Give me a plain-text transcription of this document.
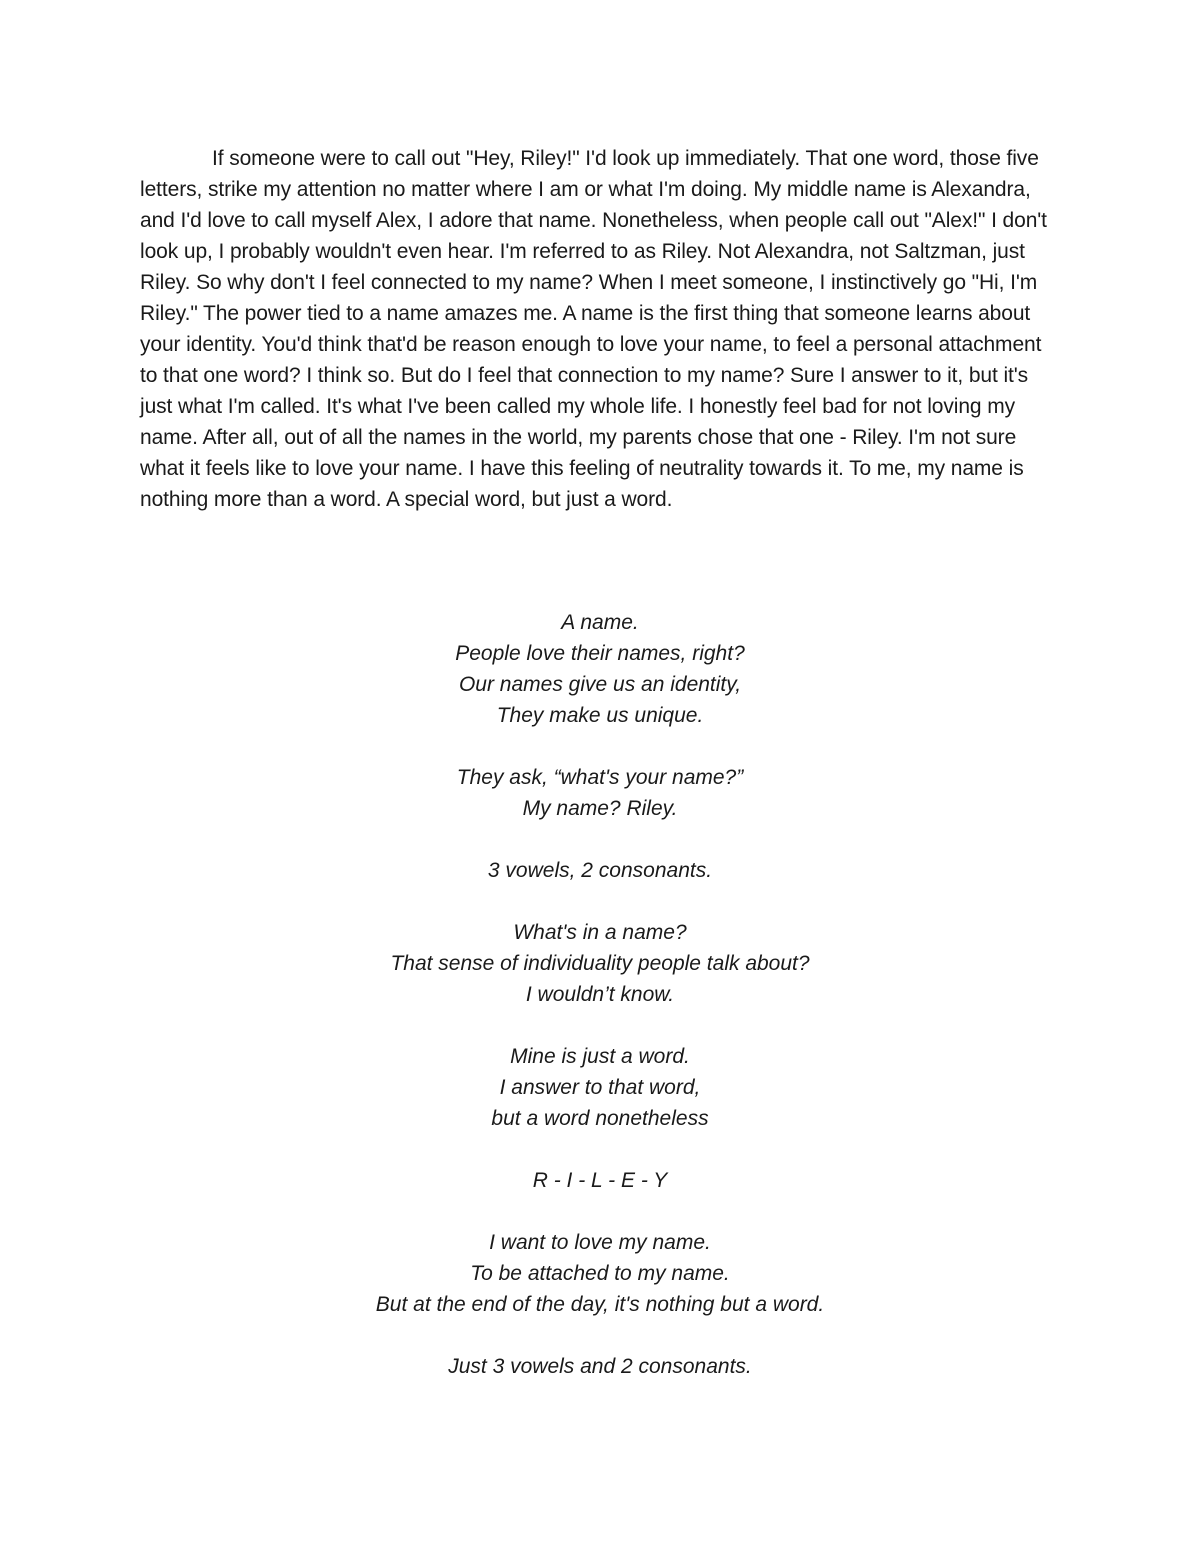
If someone were to call out "Hey, Riley!" I'd look up immediately. That one word, those five letters, strike my attention no matter where I am or what I'm doing. My middle name is Alexandra, and I'd love to call myself Alex, I adore that name. Nonetheless, when people call out "Alex!" I don't look up, I probably wouldn't even hear. I'm referred to as Riley. Not Alexandra, not Saltzman, just Riley. So why don't I feel connected to my name? When I meet someone, I instinctively go "Hi, I'm Riley." The power tied to a name amazes me. A name is the first thing that someone learns about your identity. You'd think that'd be reason enough to love your name, to feel a personal attachment to that one word? I think so. But do I feel that connection to my name? Sure I answer to it, but it's just what I'm called. It's what I've been called my whole life. I honestly feel bad for not loving my name. After all, out of all the names in the world, my parents chose that one - Riley. I'm not sure what it feels like to love your name. I have this feeling of neutrality towards it. To me, my name is nothing more than a word. A special word, but just a word.

A name.
People love their names, right?
Our names give us an identity,
They make us unique.
They ask, “what's your name?”
My name? Riley.
3 vowels, 2 consonants.
What's in a name?
That sense of individuality people talk about?
I wouldn’t know.
Mine is just a word.
I answer to that word,
but a word nonetheless
R - I - L - E - Y
I want to love my name.
To be attached to my name.
But at the end of the day, it's nothing but a word.
Just 3 vowels and 2 consonants.
